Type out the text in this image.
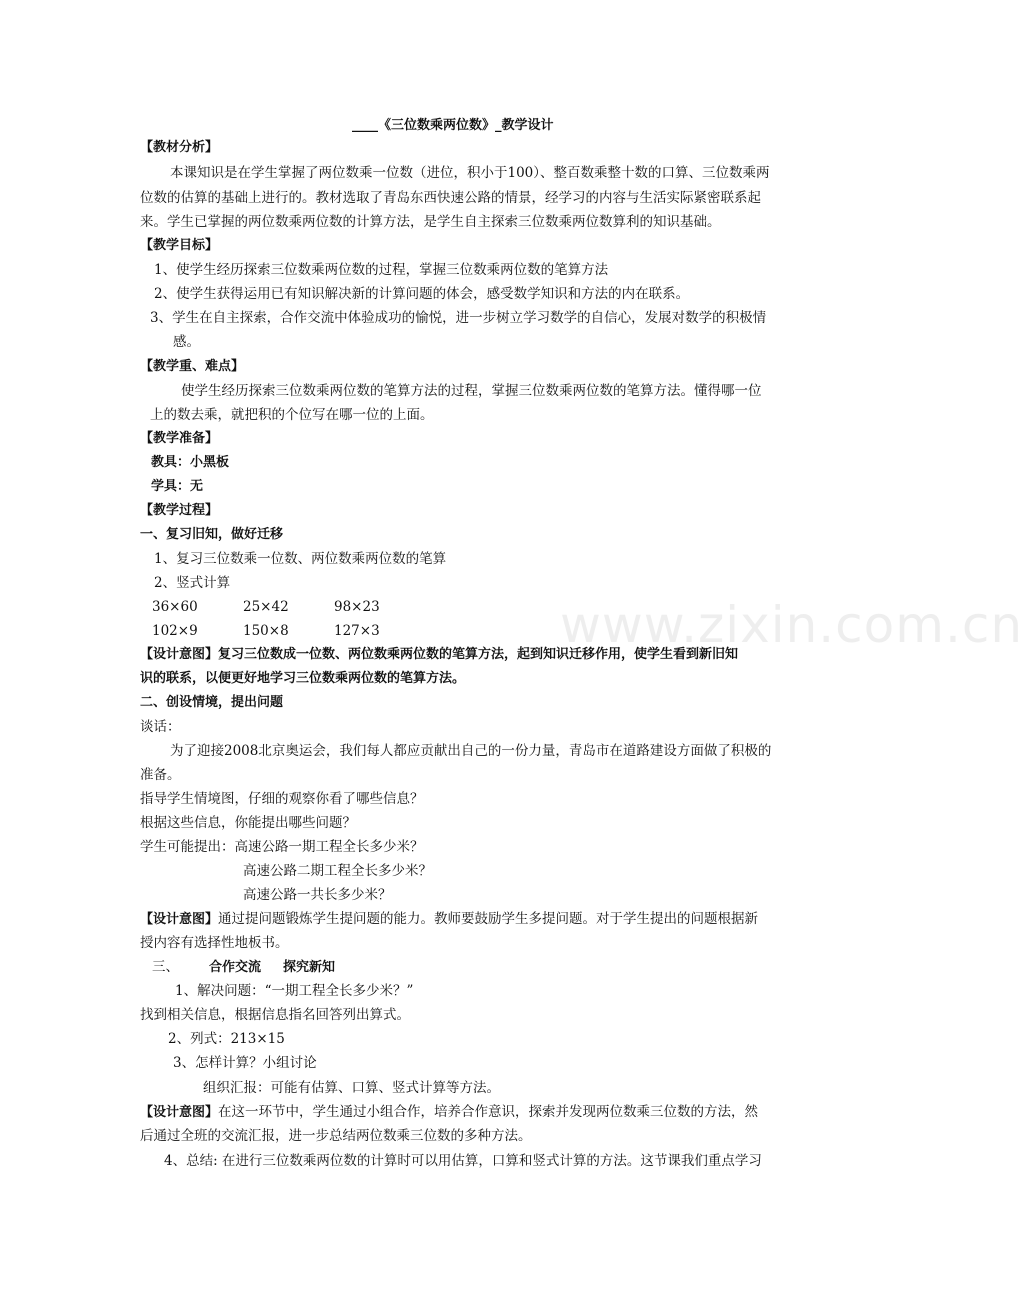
www.zixin.com.cn
____《三位数乘两位数》_教学设计
【教材分析】
本课知识是在学生掌握了两位数乘一位数（进位，积小于100）、整百数乘整十数的口算、三位数乘两
位数的估算的基础上进行的。教材选取了青岛东西快速公路的情景，经学习的内容与生活实际紧密联系起
来。学生已掌握的两位数乘两位数的计算方法，是学生自主探索三位数乘两位数算利的知识基础。
【教学目标】
1、使学生经历探索三位数乘两位数的过程，掌握三位数乘两位数的笔算方法
2、使学生获得运用已有知识解决新的计算问题的体会，感受数学知识和方法的内在联系。
3、学生在自主探索，合作交流中体验成功的愉悦，进一步树立学习数学的自信心，发展对数学的积极情
感。
【教学重、难点】
使学生经历探索三位数乘两位数的笔算方法的过程，掌握三位数乘两位数的笔算方法。懂得哪一位
上的数去乘，就把积的个位写在哪一位的上面。
【教学准备】
教具：小黑板
学具：无
【教学过程】
一、复习旧知，做好迁移
1、复习三位数乘一位数、两位数乘两位数的笔算
2、竖式计算
36×60	25×42	98×23
102×9	150×8	127×3
【设计意图】复习三位数成一位数、两位数乘两位数的笔算方法，起到知识迁移作用，使学生看到新旧知
识的联系，以便更好地学习三位数乘两位数的笔算方法。
二、创设情境，提出问题
谈话：
为了迎接2008北京奥运会，我们每人都应贡献出自己的一份力量，青岛市在道路建设方面做了积极的
准备。
指导学生情境图，仔细的观察你看了哪些信息？
根据这些信息，你能提出哪些问题？
学生可能提出：高速公路一期工程全长多少米？
高速公路二期工程全长多少米？
高速公路一共长多少米？
【设计意图】通过提问题锻炼学生提问题的能力。教师要鼓励学生多提问题。对于学生提出的问题根据新
授内容有选择性地板书。
三、 合作交流 探究新知
1、解决问题：“一期工程全长多少米？”
找到相关信息，根据信息指名回答列出算式。
2、列式：213×15
3、怎样计算？小组讨论
组织汇报：可能有估算、口算、竖式计算等方法。
【设计意图】在这一环节中，学生通过小组合作，培养合作意识，探索并发现两位数乘三位数的方法，然
后通过全班的交流汇报，进一步总结两位数乘三位数的多种方法。
4、总结: 在进行三位数乘两位数的计算时可以用估算，口算和竖式计算的方法。这节课我们重点学习
